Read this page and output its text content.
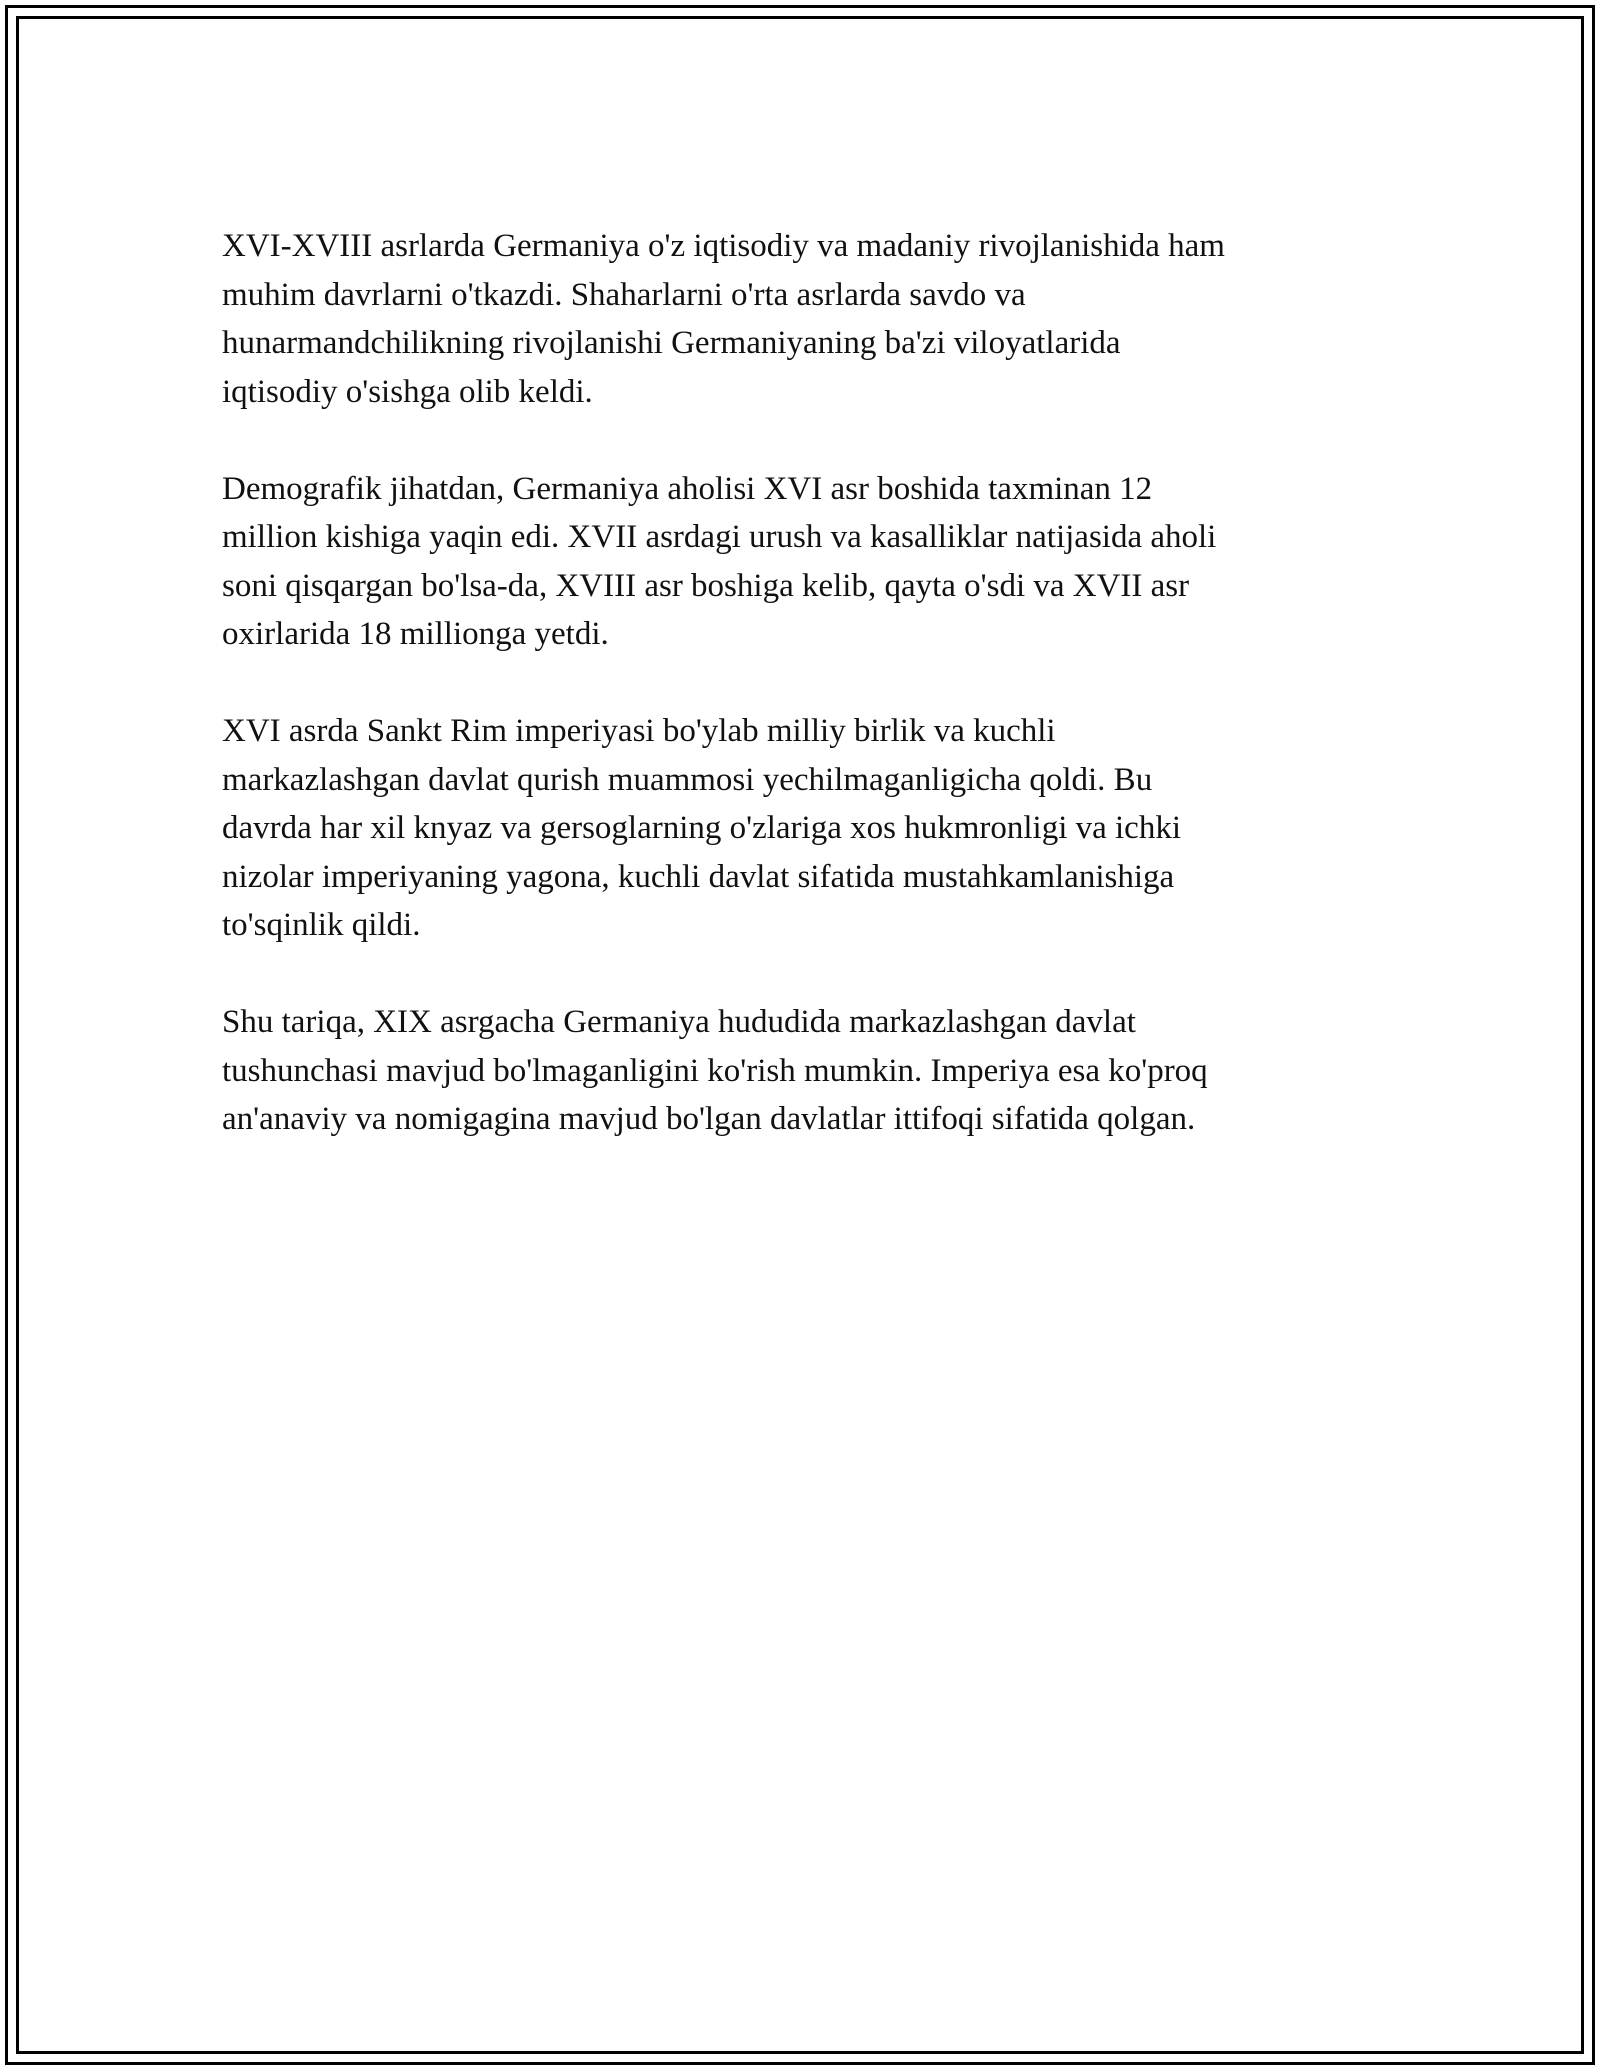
XVI-XVIII asrlarda Germaniya o'z iqtisodiy va madaniy rivojlanishida ham
muhim davrlarni o'tkazdi. Shaharlarni o'rta asrlarda savdo va
hunarmandchilikning rivojlanishi Germaniyaning ba'zi viloyatlarida
iqtisodiy o'sishga olib keldi.

Demografik jihatdan, Germaniya aholisi XVI asr boshida taxminan 12
million kishiga yaqin edi. XVII asrdagi urush va kasalliklar natijasida aholi
soni qisqargan bo'lsa-da, XVIII asr boshiga kelib, qayta o'sdi va XVII asr
oxirlarida 18 millionga yetdi.

XVI asrda Sankt Rim imperiyasi bo'ylab milliy birlik va kuchli
markazlashgan davlat qurish muammosi yechilmaganligicha qoldi. Bu
davrda har xil knyaz va gersoglarning o'zlariga xos hukmronligi va ichki
nizolar imperiyaning yagona, kuchli davlat sifatida mustahkamlanishiga
to'sqinlik qildi.

Shu tariqa, XIX asrgacha Germaniya hududida markazlashgan davlat
tushunchasi mavjud bo'lmaganligini ko'rish mumkin. Imperiya esa ko'proq
an'anaviy va nomigagina mavjud bo'lgan davlatlar ittifoqi sifatida qolgan.
